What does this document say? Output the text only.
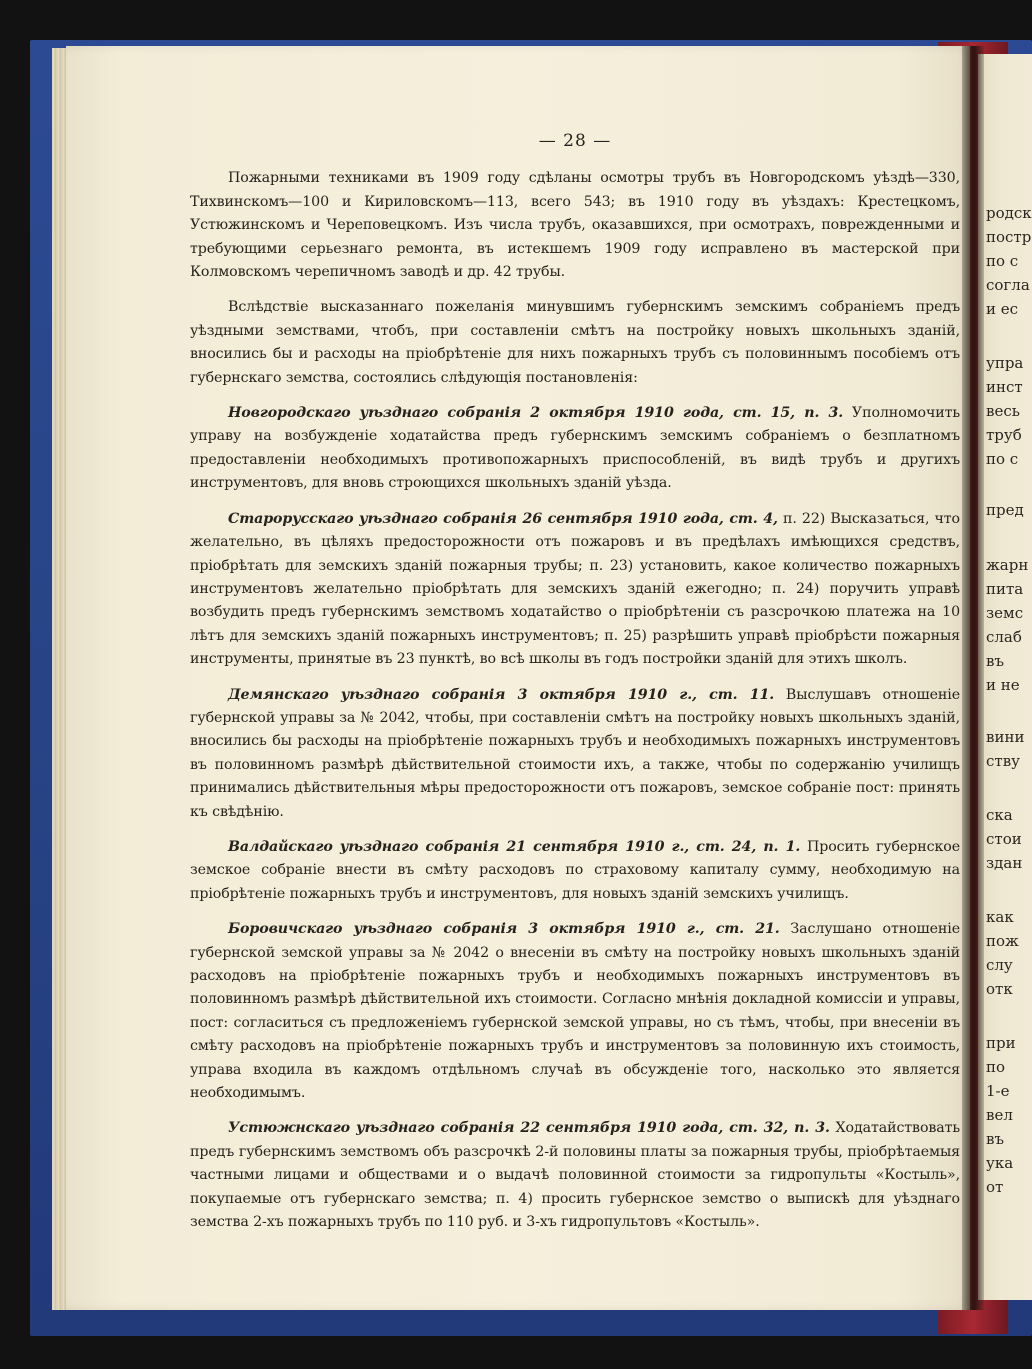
родск
постр
по с
согла
и ес
упра
инст
весь
труб
по с
пред
жарн
пита
земс
слаб
въ
и не
вини
ству
ска
стои
здан
как
пож
слу
отк
при
по
1-е
вел
въ
ука
от
— 28 —

Пожарными техниками въ 1909 году сдѣланы осмотры трубъ въ Новгородскомъ уѣздѣ—330, Тихвинскомъ—100 и Кириловскомъ—113, всего 543; въ 1910 году въ уѣздахъ: Крестецкомъ, Устюжинскомъ и Череповецкомъ. Изъ числа трубъ, оказавшихся, при осмотрахъ, поврежденными и требующими серьезнаго ремонта, въ истекшемъ 1909 году исправлено въ мастерской при Колмовскомъ черепичномъ заводѣ и др. 42 трубы.

Вслѣдствіе высказаннаго пожеланія минувшимъ губернскимъ земскимъ собраніемъ предъ уѣздными земствами, чтобъ, при составленіи смѣтъ на постройку новыхъ школьныхъ зданій, вносились бы и расходы на пріобрѣтеніе для нихъ пожарныхъ трубъ съ половиннымъ пособіемъ отъ губернскаго земства, состоялись слѣдующія постановленія:

Новгородскаго уѣзднаго собранія 2 октября 1910 года, ст. 15, п. 3. Уполномочить управу на возбужденіе ходатайства предъ губернскимъ земскимъ собраніемъ о безплатномъ предоставленіи необходимыхъ противопожарныхъ приспособленій, въ видѣ трубъ и другихъ инструментовъ, для вновь строющихся школьныхъ зданій уѣзда.

Старорусскаго уѣзднаго собранія 26 сентября 1910 года, ст. 4, п. 22) Высказаться, что желательно, въ цѣляхъ предосторожности отъ пожаровъ и въ предѣлахъ имѣющихся средствъ, пріобрѣтать для земскихъ зданій пожарныя трубы; п. 23) установить, какое количество пожарныхъ инструментовъ желательно пріобрѣтать для земскихъ зданій ежегодно; п. 24) поручить управѣ возбудить предъ губернскимъ земствомъ ходатайство о пріобрѣтеніи съ разсрочкою платежа на 10 лѣтъ для земскихъ зданій пожарныхъ инструментовъ; п. 25) разрѣшить управѣ пріобрѣсти пожарныя инструменты, принятые въ 23 пунктѣ, во всѣ школы въ годъ постройки зданій для этихъ школъ.

Демянскаго уѣзднаго собранія 3 октября 1910 г., ст. 11. Выслушавъ отношеніе губернской управы за № 2042, чтобы, при составленіи смѣтъ на постройку новыхъ школьныхъ зданій, вносились бы расходы на пріобрѣтеніе пожарныхъ трубъ и необходимыхъ пожарныхъ инструментовъ въ половинномъ размѣрѣ дѣйствительной стоимости ихъ, а также, чтобы по содержанію училищъ принимались дѣйствительныя мѣры предосторожности отъ пожаровъ, земское собраніе пост: принять къ свѣдѣнію.

Валдайскаго уѣзднаго собранія 21 сентября 1910 г., ст. 24, п. 1. Просить губернское земское собраніе внести въ смѣту расходовъ по страховому капиталу сумму, необходимую на пріобрѣтеніе пожарныхъ трубъ и инструментовъ, для новыхъ зданій земскихъ училищъ.

Боровичскаго уѣзднаго собранія 3 октября 1910 г., ст. 21. Заслушано отношеніе губернской земской управы за № 2042 о внесеніи въ смѣту на постройку новыхъ школьныхъ зданій расходовъ на пріобрѣтеніе пожарныхъ трубъ и необходимыхъ пожарныхъ инструментовъ въ половинномъ размѣрѣ дѣйствительной ихъ стоимости. Согласно мнѣнія докладной комиссіи и управы, пост: согласиться съ предложеніемъ губернской земской управы, но съ тѣмъ, чтобы, при внесеніи въ смѣту расходовъ на пріобрѣтеніе пожарныхъ трубъ и инструментовъ за половинную ихъ стоимость, управа входила въ каждомъ отдѣльномъ случаѣ въ обсужденіе того, насколько это является необходимымъ.

Устюжнскаго уѣзднаго собранія 22 сентября 1910 года, ст. 32, п. 3. Ходатайствовать предъ губернскимъ земствомъ объ разсрочкѣ 2-й половины платы за пожарныя трубы, пріобрѣтаемыя частными лицами и обществами и о выдачѣ половинной стоимости за гидропульты «Костыль», покупаемые отъ губернскаго земства; п. 4) просить губернское земство о выпискѣ для уѣзднаго земства 2-хъ пожарныхъ трубъ по 110 руб. и 3-хъ гидропультовъ «Костыль».
